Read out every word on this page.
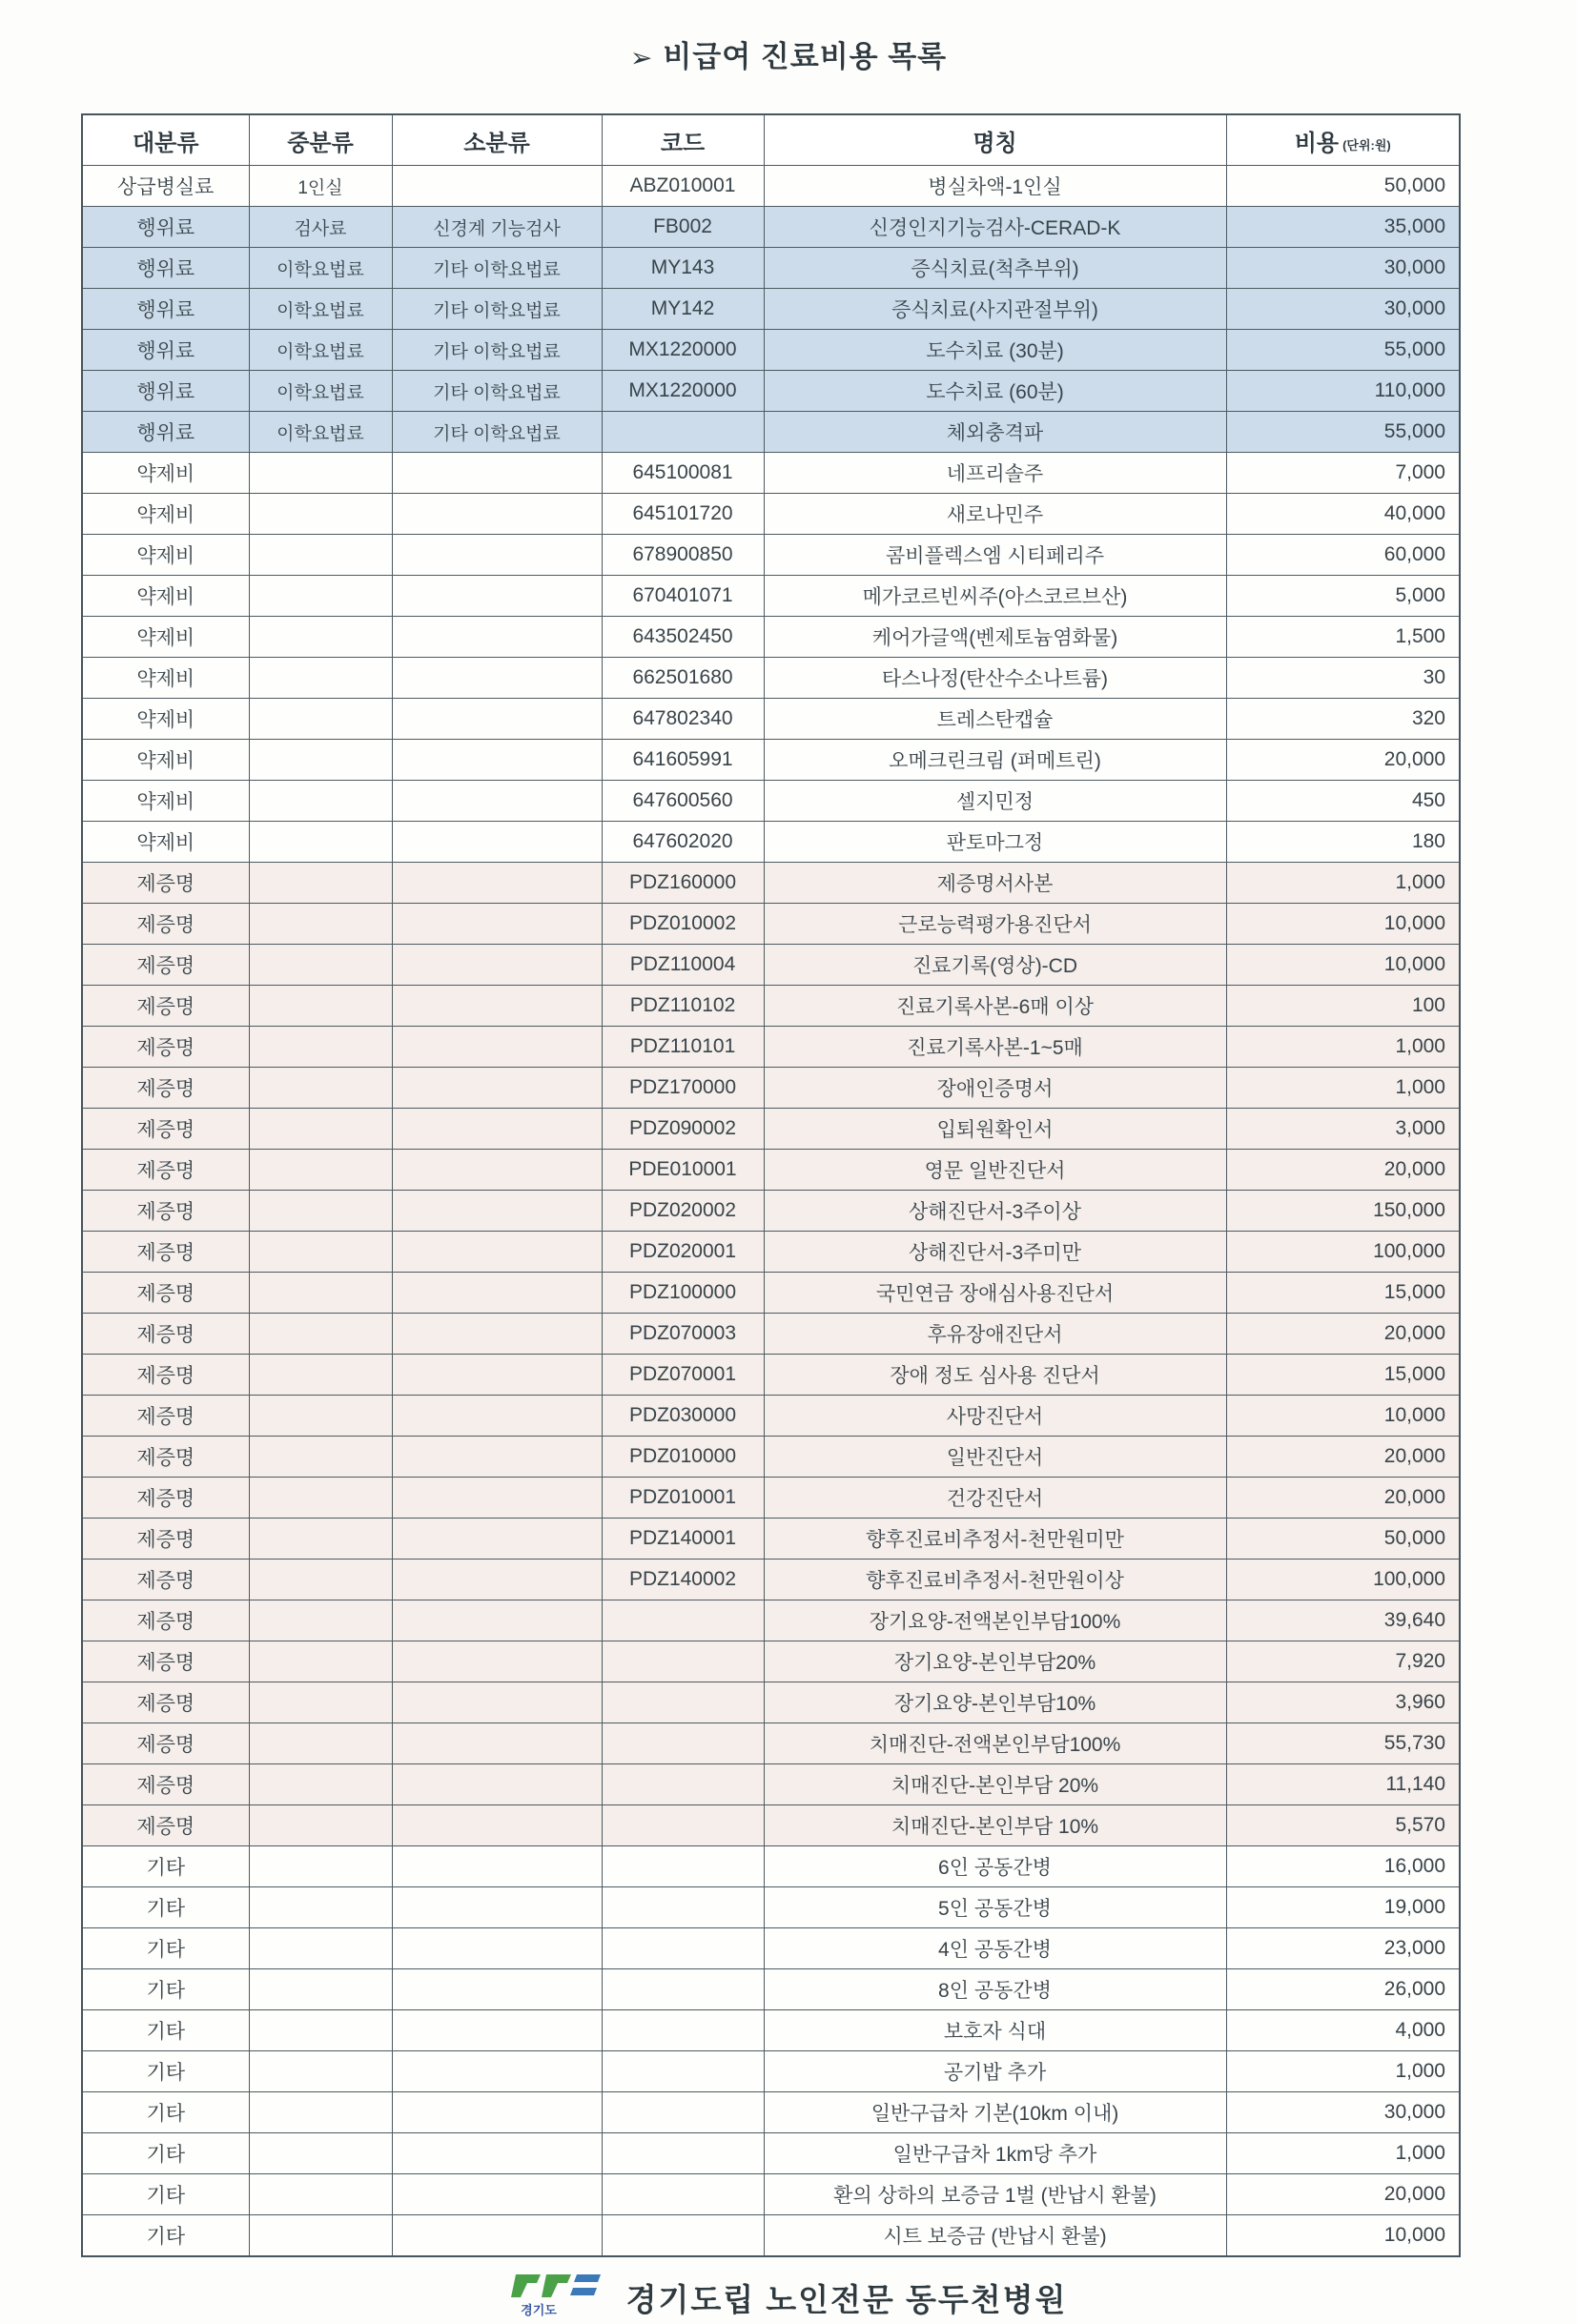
➢ 비급여 진료비용 목록
대분류	중분류	소분류	코드	명칭	비용 (단위:원)
상급병실료	1인실		ABZ010001	병실차액-1인실	50,000
행위료	검사료	신경계 기능검사	FB002	신경인지기능검사-CERAD-K	35,000
행위료	이학요법료	기타 이학요법료	MY143	증식치료(척추부위)	30,000
행위료	이학요법료	기타 이학요법료	MY142	증식치료(사지관절부위)	30,000
행위료	이학요법료	기타 이학요법료	MX1220000	도수치료 (30분)	55,000
행위료	이학요법료	기타 이학요법료	MX1220000	도수치료 (60분)	110,000
행위료	이학요법료	기타 이학요법료		체외충격파	55,000
약제비			645100081	네프리솔주	7,000
약제비			645101720	새로나민주	40,000
약제비			678900850	콤비플렉스엠 시티페리주	60,000
약제비			670401071	메가코르빈씨주(아스코르브산)	5,000
약제비			643502450	케어가글액(벤제토늄염화물)	1,500
약제비			662501680	타스나정(탄산수소나트륨)	30
약제비			647802340	트레스탄캡슐	320
약제비			641605991	오메크린크림 (퍼메트린)	20,000
약제비			647600560	셀지민정	450
약제비			647602020	판토마그정	180
제증명			PDZ160000	제증명서사본	1,000
제증명			PDZ010002	근로능력평가용진단서	10,000
제증명			PDZ110004	진료기록(영상)-CD	10,000
제증명			PDZ110102	진료기록사본-6매 이상	100
제증명			PDZ110101	진료기록사본-1~5매	1,000
제증명			PDZ170000	장애인증명서	1,000
제증명			PDZ090002	입퇴원확인서	3,000
제증명			PDE010001	영문 일반진단서	20,000
제증명			PDZ020002	상해진단서-3주이상	150,000
제증명			PDZ020001	상해진단서-3주미만	100,000
제증명			PDZ100000	국민연금 장애심사용진단서	15,000
제증명			PDZ070003	후유장애진단서	20,000
제증명			PDZ070001	장애 정도 심사용 진단서	15,000
제증명			PDZ030000	사망진단서	10,000
제증명			PDZ010000	일반진단서	20,000
제증명			PDZ010001	건강진단서	20,000
제증명			PDZ140001	향후진료비추정서-천만원미만	50,000
제증명			PDZ140002	향후진료비추정서-천만원이상	100,000
제증명				장기요양-전액본인부담100%	39,640
제증명				장기요양-본인부담20%	7,920
제증명				장기요양-본인부담10%	3,960
제증명				치매진단-전액본인부담100%	55,730
제증명				치매진단-본인부담 20%	11,140
제증명				치매진단-본인부담 10%	5,570
기타				6인 공동간병	16,000
기타				5인 공동간병	19,000
기타				4인 공동간병	23,000
기타				8인 공동간병	26,000
기타				보호자 식대	4,000
기타				공기밥 추가	1,000
기타				일반구급차 기본(10km 이내)	30,000
기타				일반구급차 1km당 추가	1,000
기타				환의 상하의 보증금 1벌 (반납시 환불)	20,000
기타				시트 보증금 (반납시 환불)	10,000
경기도 경기도립 노인전문 동두천병원
